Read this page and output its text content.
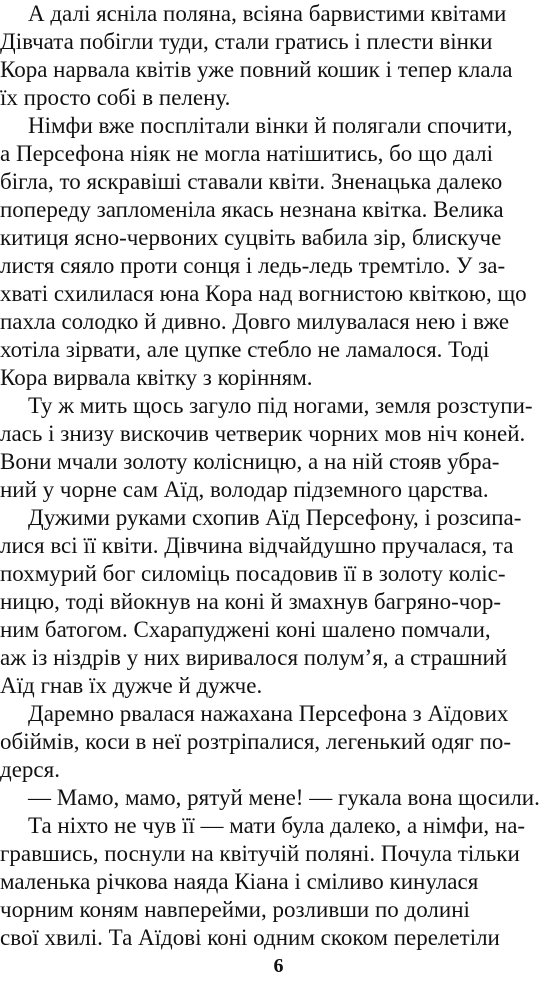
А далі ясніла поляна, всіяна барвистими квітами
Дівчата побігли туди, стали гратись і плести вінки
Кора нарвала квітів уже повний кошик і тепер клала
їх просто собі в пелену.
Німфи вже посплітали вінки й полягали спочити,
а Персефона ніяк не могла натішитись, бо що далі
бігла, то яскравіші ставали квіти. Зненацька далеко
попереду запломеніла якась незнана квітка. Велика
китиця ясно-червоних суцвіть вабила зір, блискуче
листя сяяло проти сонця і ледь-ледь тремтіло. У за-
хваті схилилася юна Кора над вогнистою квіткою, що
пахла солодко й дивно. Довго милувалася нею і вже
хотіла зірвати, але цупке стебло не ламалося. Тоді
Кора вирвала квітку з корінням.
Ту ж мить щось загуло під ногами, земля розступи-
лась і знизу вискочив четверик чорних мов ніч коней.
Вони мчали золоту колісницю, а на ній стояв убра-
ний у чорне сам Аїд, володар підземного царства.
Дужими руками схопив Аїд Персефону, і розсипа-
лися всі її квіти. Дівчина відчайдушно пручалася, та
похмурий бог силоміць посадовив її в золоту коліс-
ницю, тоді вйокнув на коні й змахнув багряно-чор-
ним батогом. Схарапуджені коні шалено помчали,
аж із ніздрів у них виривалося полум’я, а страшний
Аїд гнав їх дужче й дужче.
Даремно рвалася нажахана Персефона з Аїдових
обіймів, коси в неї розтріпалися, легенький одяг по-
дерся.
— Мамо, мамо, рятуй мене! — гукала вона щосили.
Та ніхто не чув її — мати була далеко, а німфи, на-
гравшись, поснули на квітучій поляні. Почула тільки
маленька річкова наяда Кіана і сміливо кинулася
чорним коням навперейми, розливши по долині
свої хвилі. Та Аїдові коні одним скоком перелетіли
6
